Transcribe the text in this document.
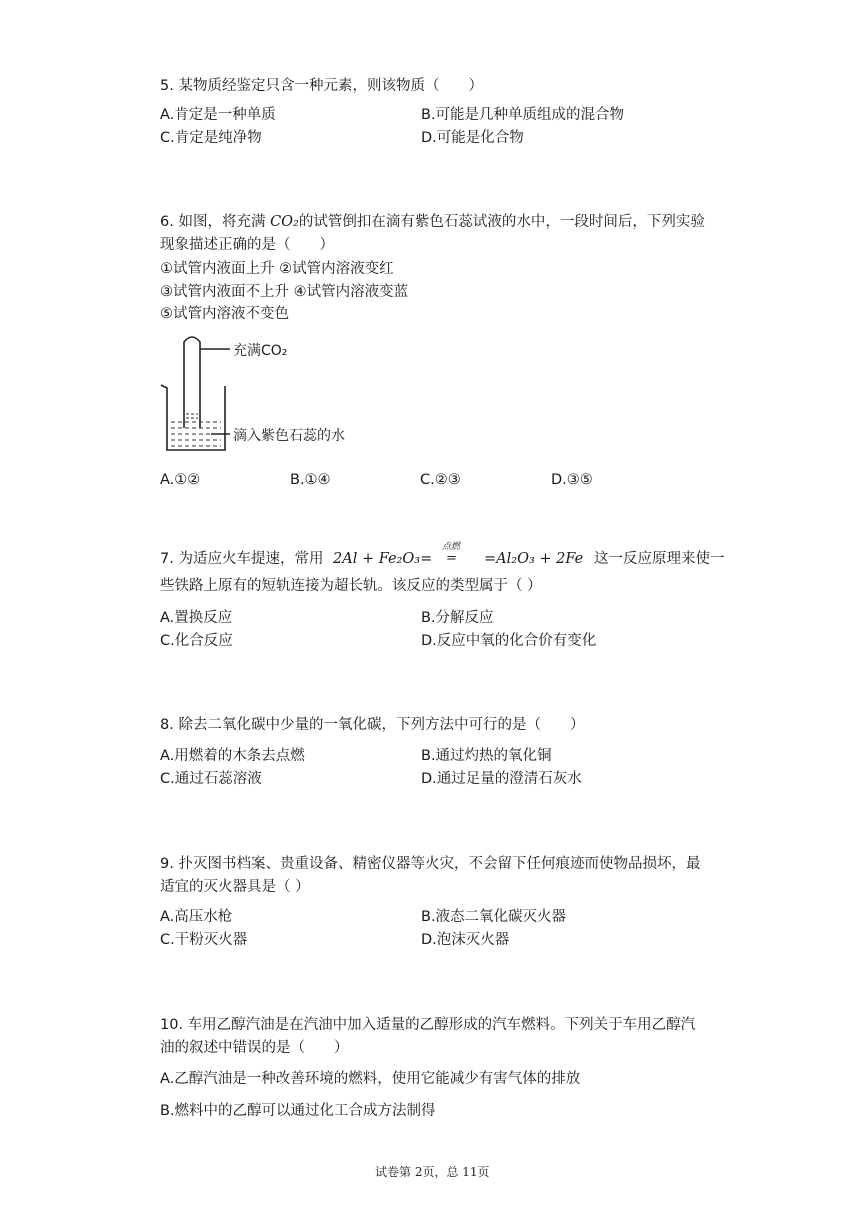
5. 某物质经鉴定只含一种元素，则该物质（　　）
A.肯定是一种单质	B.可能是几种单质组成的混合物
C.肯定是纯净物	D.可能是化合物
6. 如图，将充满 CO₂的试管倒扣在滴有紫色石蕊试液的水中，一段时间后，下列实验
现象描述正确的是（　　）
①试管内液面上升 ②试管内溶液变红
③试管内液面不上升 ④试管内溶液变蓝
⑤试管内溶液不变色
充满CO₂
滴入紫色石蕊的水
A.①②	B.①④	C.②③	D.③⑤
7. 为适应火车提速，常用 2Al + Fe₂O₃=
点燃
= =Al₂O₃ + 2Fe 这一反应原理来使一
些铁路上原有的短轨连接为超长轨。该反应的类型属于（ ）
A.置换反应	B.分解反应
C.化合反应	D.反应中氧的化合价有变化
8. 除去二氧化碳中少量的一氧化碳，下列方法中可行的是（　　）
A.用燃着的木条去点燃	B.通过灼热的氧化铜
C.通过石蕊溶液	D.通过足量的澄清石灰水
9. 扑灭图书档案、贵重设备、精密仪器等火灾，不会留下任何痕迹而使物品损坏，最
适宜的灭火器具是（ ）
A.高压水枪	B.液态二氧化碳灭火器
C.干粉灭火器	D.泡沫灭火器
10. 车用乙醇汽油是在汽油中加入适量的乙醇形成的汽车燃料。下列关于车用乙醇汽
油的叙述中错误的是（　　）
A.乙醇汽油是一种改善环境的燃料，使用它能减少有害气体的排放
B.燃料中的乙醇可以通过化工合成方法制得
试卷第 2页，总 11页
